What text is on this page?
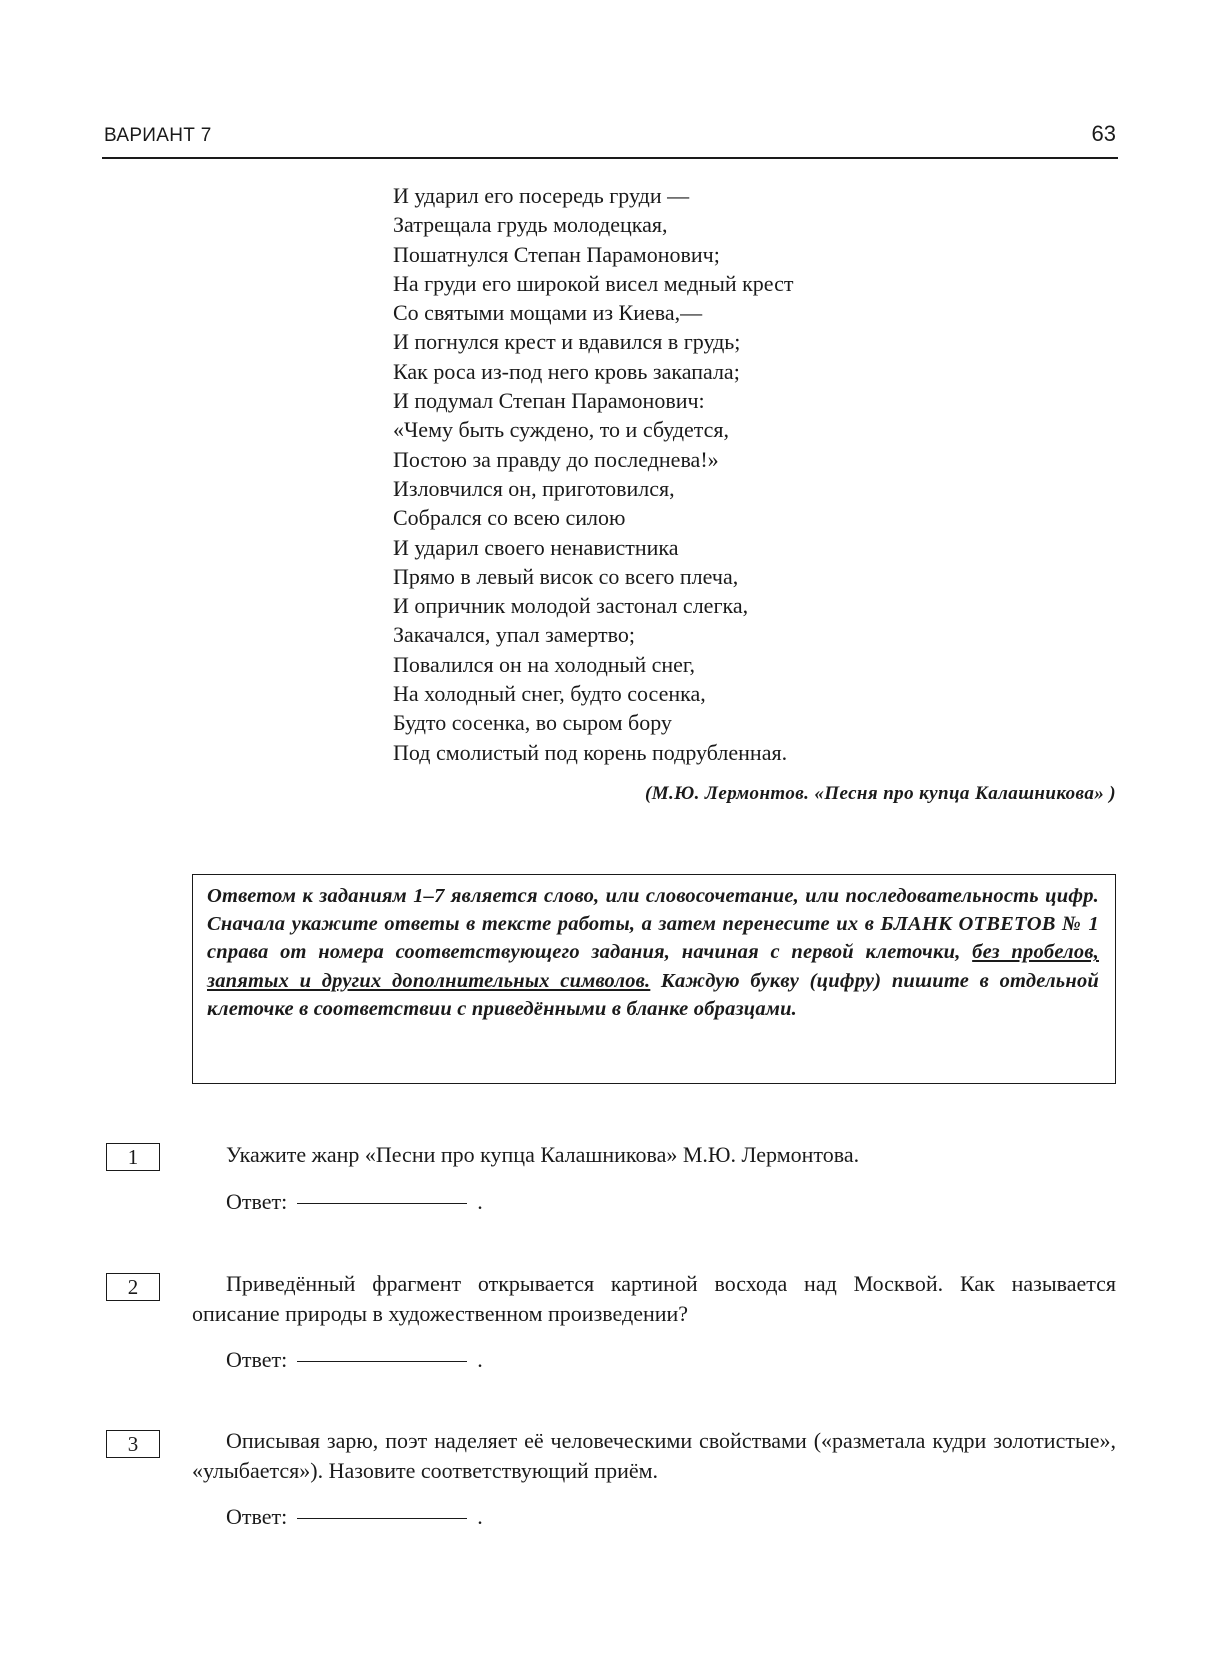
ВАРИАНТ 7	63
И ударил его посередь груди —
Затрещала грудь молодецкая,
Пошатнулся Степан Парамонович;
На груди его широкой висел медный крест
Со святыми мощами из Киева,—
И погнулся крест и вдавился в грудь;
Как роса из-под него кровь закапала;
И подумал Степан Парамонович:
«Чему быть суждено, то и сбудется,
Постою за правду до последнева!»
Изловчился он, приготовился,
Собрался со всею силою
И ударил своего ненавистника
Прямо в левый висок со всего плеча,
И опричник молодой застонал слегка,
Закачался, упал замертво;
Повалился он на холодный снег,
На холодный снег, будто сосенка,
Будто сосенка, во сыром бору
Под смолистый под корень подрубленная.
(М.Ю. Лермонтов. «Песня про купца Калашникова» )
Ответом к заданиям 1–7 является слово, или словосочетание, или последовательность цифр. Сначала укажите ответы в тексте работы, а затем перенесите их в БЛАНК ОТВЕТОВ № 1 справа от номера соответствующего задания, начиная с первой клеточки, без пробелов, запятых и других дополнительных символов. Каждую букву (цифру) пишите в отдельной клеточке в соответствии с приведёнными в бланке образцами.
1	Укажите жанр «Песни про купца Калашникова» М.Ю. Лермонтова.
Ответ:	.
2	Приведённый фрагмент открывается картиной восхода над Москвой. Как называется описание природы в художественном произведении?
Ответ:	.
3	Описывая зарю, поэт наделяет её человеческими свойствами («разметала кудри золотистые», «улыбается»). Назовите соответствующий приём.
Ответ:	.
